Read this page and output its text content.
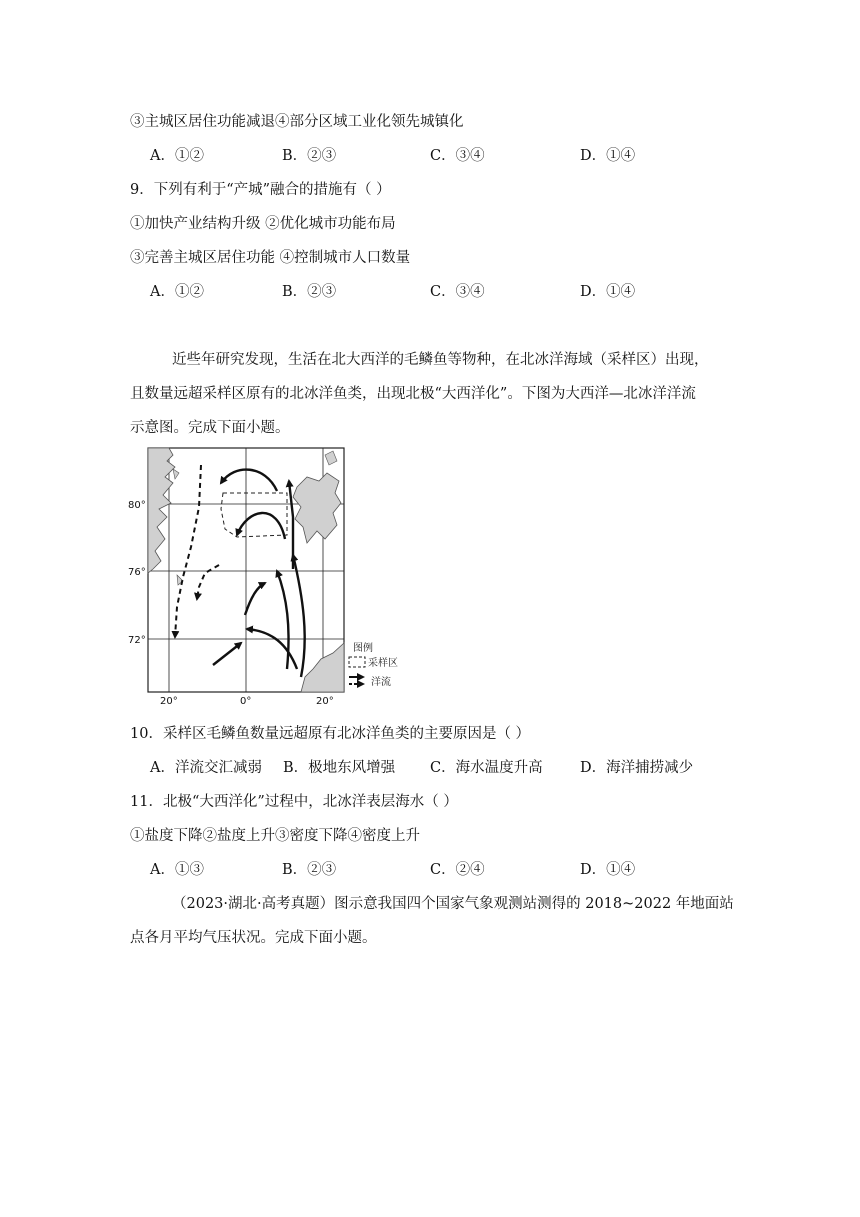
③主城区居住功能减退④部分区域工业化领先城镇化
A．①②	B．②③	C．③④	D．①④
9．下列有利于“产城”融合的措施有（ ）
①加快产业结构升级 ②优化城市功能布局
③完善主城区居住功能 ④控制城市人口数量
A．①②	B．②③	C．③④	D．①④
近些年研究发现，生活在北大西洋的毛鳞鱼等物种，在北冰洋海域（采样区）出现，
且数量远超采样区原有的北冰洋鱼类，出现北极“大西洋化”。下图为大西洋—北冰洋洋流
示意图。完成下面小题。
图例
采样区
洋流
80°
76°
72°
20°	0°	20°
10．采样区毛鳞鱼数量远超原有北冰洋鱼类的主要原因是（ ）
A．洋流交汇减弱 B．极地东风增强 C．海水温度升高	D．海洋捕捞减少
11．北极“大西洋化”过程中，北冰洋表层海水（ ）
①盐度下降②盐度上升③密度下降④密度上升
A．①③	B．②③	C．②④	D．①④
（2023·湖北·高考真题）图示意我国四个国家气象观测站测得的 2018~2022 年地面站
点各月平均气压状况。完成下面小题。
